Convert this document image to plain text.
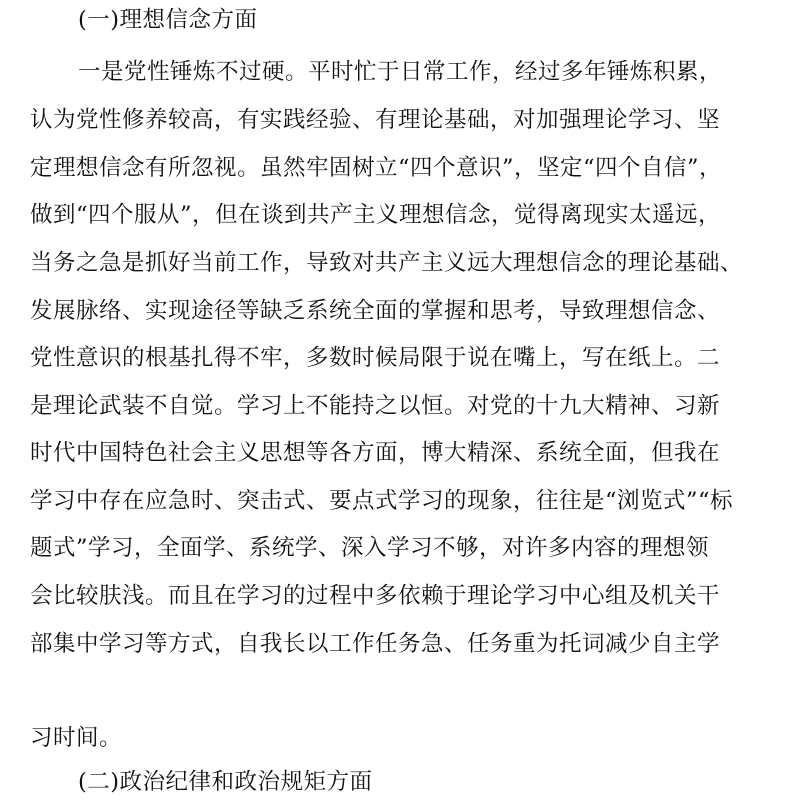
(一)理想信念方面
一是党性锤炼不过硬。平时忙于日常工作，经过多年锤炼积累，
认为党性修养较高，有实践经验、有理论基础，对加强理论学习、坚
定理想信念有所忽视。虽然牢固树立“四个意识”，坚定“四个自信”，
做到“四个服从”，但在谈到共产主义理想信念，觉得离现实太遥远，
当务之急是抓好当前工作，导致对共产主义远大理想信念的理论基础、
发展脉络、实现途径等缺乏系统全面的掌握和思考，导致理想信念、
党性意识的根基扎得不牢，多数时候局限于说在嘴上，写在纸上。二
是理论武装不自觉。学习上不能持之以恒。对党的十九大精神、习新
时代中国特色社会主义思想等各方面，博大精深、系统全面，但我在
学习中存在应急时、突击式、要点式学习的现象，往往是“浏览式”“标
题式”学习，全面学、系统学、深入学习不够，对许多内容的理想领
会比较肤浅。而且在学习的过程中多依赖于理论学习中心组及机关干
部集中学习等方式，自我长以工作任务急、任务重为托词减少自主学
习时间。
(二)政治纪律和政治规矩方面
